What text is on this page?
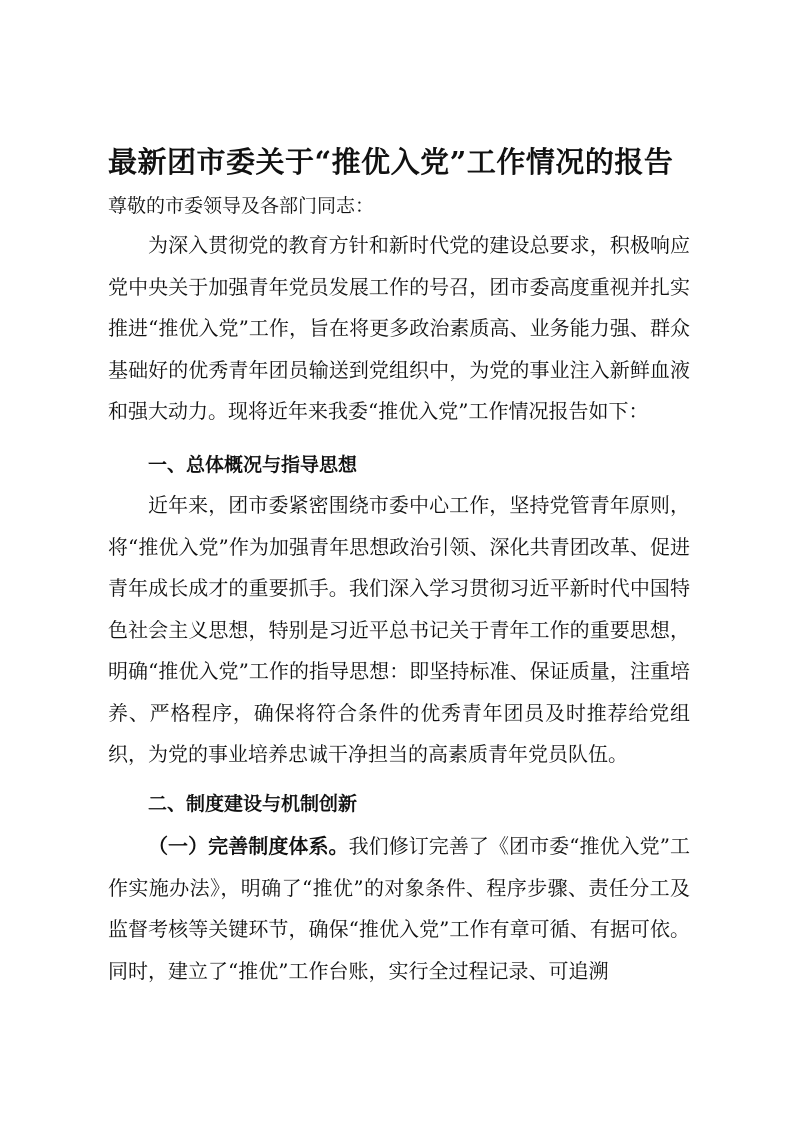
最新团市委关于“推优入党”工作情况的报告
尊敬的市委领导及各部门同志：
为深入贯彻党的教育方针和新时代党的建设总要求，积极响应党中央关于加强青年党员发展工作的号召，团市委高度重视并扎实推进“推优入党”工作，旨在将更多政治素质高、业务能力强、群众基础好的优秀青年团员输送到党组织中，为党的事业注入新鲜血液和强大动力。现将近年来我委“推优入党”工作情况报告如下：
一、总体概况与指导思想
近年来，团市委紧密围绕市委中心工作，坚持党管青年原则，将“推优入党”作为加强青年思想政治引领、深化共青团改革、促进青年成长成才的重要抓手。我们深入学习贯彻习近平新时代中国特色社会主义思想，特别是习近平总书记关于青年工作的重要思想，明确“推优入党”工作的指导思想：即坚持标准、保证质量，注重培养、严格程序，确保将符合条件的优秀青年团员及时推荐给党组织，为党的事业培养忠诚干净担当的高素质青年党员队伍。
二、制度建设与机制创新
（一）完善制度体系。我们修订完善了《团市委“推优入党”工作实施办法》，明确了“推优”的对象条件、程序步骤、责任分工及监督考核等关键环节，确保“推优入党”工作有章可循、有据可依。同时，建立了“推优”工作台账，实行全过程记录、可追溯
